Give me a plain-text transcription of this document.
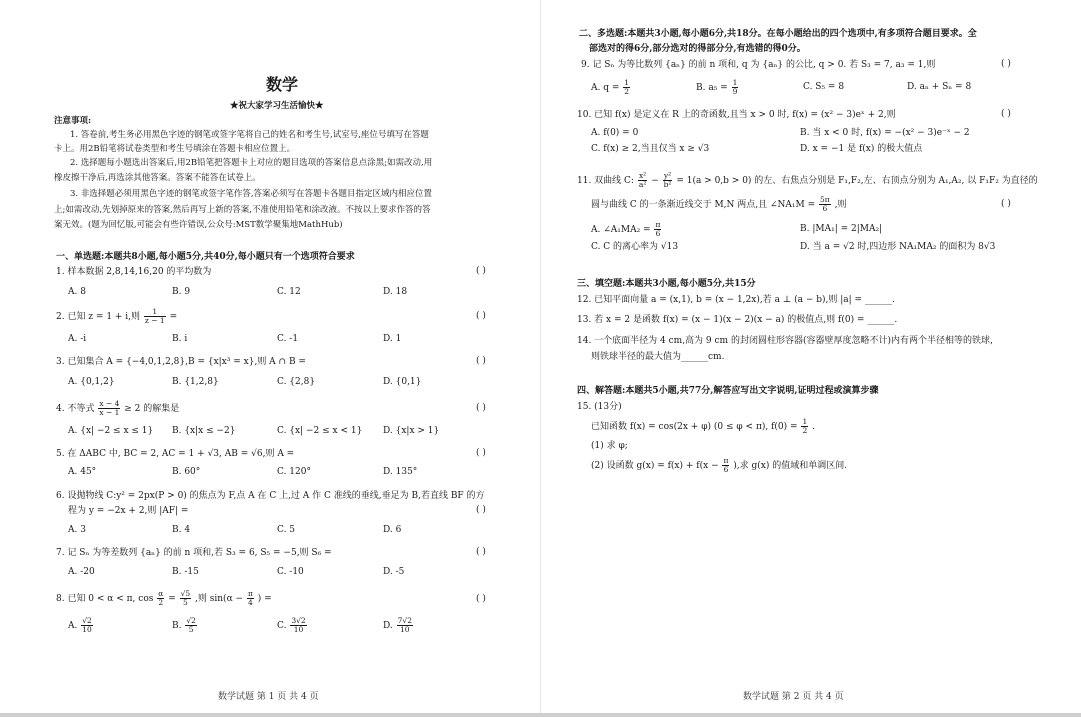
数学
★祝大家学习生活愉快★
注意事项:
1. 答卷前,考生务必用黑色字迹的钢笔或签字笔将自己的姓名和考生号,试室号,座位号填写在答题
卡上。用2B铅笔将试卷类型和考生号填涂在答题卡相应位置上。
2. 选择题每小题选出答案后,用2B铅笔把答题卡上对应的题目选项的答案信息点涂黑;如需改动,用
橡皮擦干净后,再选涂其他答案。答案不能答在试卷上。
3. 非选择题必须用黑色字迹的钢笔或签字笔作答,答案必须写在答题卡各题目指定区域内相应位置
上;如需改动,先划掉原来的答案,然后再写上新的答案,不准使用铅笔和涂改液。不按以上要求作答的答
案无效。(题为回忆版,可能会有些许错误,公众号:MST数学聚集地MathHub)
一、单选题:本题共8小题,每小题5分,共40分,每小题只有一个选项符合要求
1. 样本数据 2,8,14,16,20 的平均数为	( )
A. 8	B. 9	C. 12	D. 18
2. 已知 z = 1 + i,则 $\frac{1}{z - 1}$ =	( )
A. -i	B. i	C. -1	D. 1
3. 已知集合 A = {−4,0,1,2,8},B = {x|x³ = x},则 A ∩ B =	( )
A. {0,1,2}	B. {1,2,8}	C. {2,8}	D. {0,1}
4. 不等式 $\frac{x - 4}{x - 1} \ge 2$ 的解集是	( )
A. {x| −2 ≤ x ≤ 1} B. {x|x ≤ −2}	C. {x| −2 ≤ x < 1} D. {x|x > 1}
5. 在 ΔABC 中, BC = 2, AC = 1 + √3, AB = √6,则 A =	( )
A. 45°	B. 60°	C. 120°	D. 135°
6. 设抛物线 C:y² = 2px(P > 0) 的焦点为 F,点 A 在 C 上,过 A 作 C 准线的垂线,垂足为 B,若直线 BF 的方
程为 y = −2x + 2,则 |AF| =	( )
A. 3	B. 4	C. 5	D. 6
7. 记 Sₙ 为等差数列 {aₙ} 的前 n 项和,若 S₃ = 6, S₅ = −5,则 S₆ =	( )
A. -20	B. -15	C. -10	D. -5
8. 已知 0 < α < π, $\cos \frac{\alpha}{2} = \frac{√5}{5}$ ,则 $\sin(\alpha - \frac{\pi}{4}$ ) =	( )
A. $\frac{√2}{10}$	B. $\frac{√2}{5}$	C. $\frac{3√2}{10}$	D. $\frac{7√2}{10}$
数学试题 第 1 页 共 4 页
二、多选题:本题共3小题,每小题6分,共18分。在每小题给出的四个选项中,有多项符合题目要求。全
部选对的得6分,部分选对的得部分分,有选错的得0分。
9. 记 Sₙ 为等比数列 {aₙ} 的前 n 项和, q 为 {aₙ} 的公比, q > 0. 若 S₃ = 7, a₃ = 1,则	( )
A. $q = \frac{1}{2}$	B. $a_5 = \frac{1}{9}$	C. S₅ = 8	D. aₙ + Sₙ = 8
10. 已知 f(x) 是定义在 R 上的奇函数,且当 x > 0 时, f(x) = (x² − 3)eˣ + 2,则	( )
A. f(0) = 0	B. 当 x < 0 时, f(x) = −(x² − 3)e⁻ˣ − 2
C. f(x) ≥ 2,当且仅当 x ≥ √3	D. x = −1 是 f(x) 的极大值点
11. 双曲线 C: $\frac{\text{x²}}{\text{a²}} - \frac{\text{y²}}{\text{b²}} = 1(a > 0,b > 0)$ 的左、右焦点分别是 F₁,F₂,左、右顶点分别为 A₁,A₂, 以 F₁F₂ 为直径的
圆与曲线 C 的一条渐近线交于 M,N 两点,且 ∠NA₁M = $\frac{5\pi}{6}$ ,则	( )
A. ∠A₁MA₂ = $\frac{\pi}{6}$	B. |MA₁| = 2|MA₂|
C. C 的离心率为 √13	D. 当 a = √2 时,四边形 NA₁MA₂ 的面积为 8√3
三、填空题:本题共3小题,每小题5分,共15分
12. 已知平面向量 a = (x,1), b = (x − 1,2x),若 a ⊥ (a − b),则 |a| = ______.
13. 若 x = 2 是函数 f(x) = (x − 1)(x − 2)(x − a) 的极值点,则 f(0) = ______.
14. 一个底面半径为 4 cm,高为 9 cm 的封闭圆柱形容器(容器壁厚度忽略不计)内有两个半径相等的铁球,
则铁球半径的最大值为______cm.
四、解答题:本题共5小题,共77分,解答应写出文字说明,证明过程或演算步骤
15. (13分)
已知函数 f(x) = cos(2x + φ) (0 ≤ φ < π), $f(0) = \frac{1}{2}$ .
(1) 求 φ;
(2) 设函数 $g(x) = f(x) + f(x - \frac{\pi}{6}$ ),求 g(x) 的值域和单调区间.
数学试题 第 2 页 共 4 页
